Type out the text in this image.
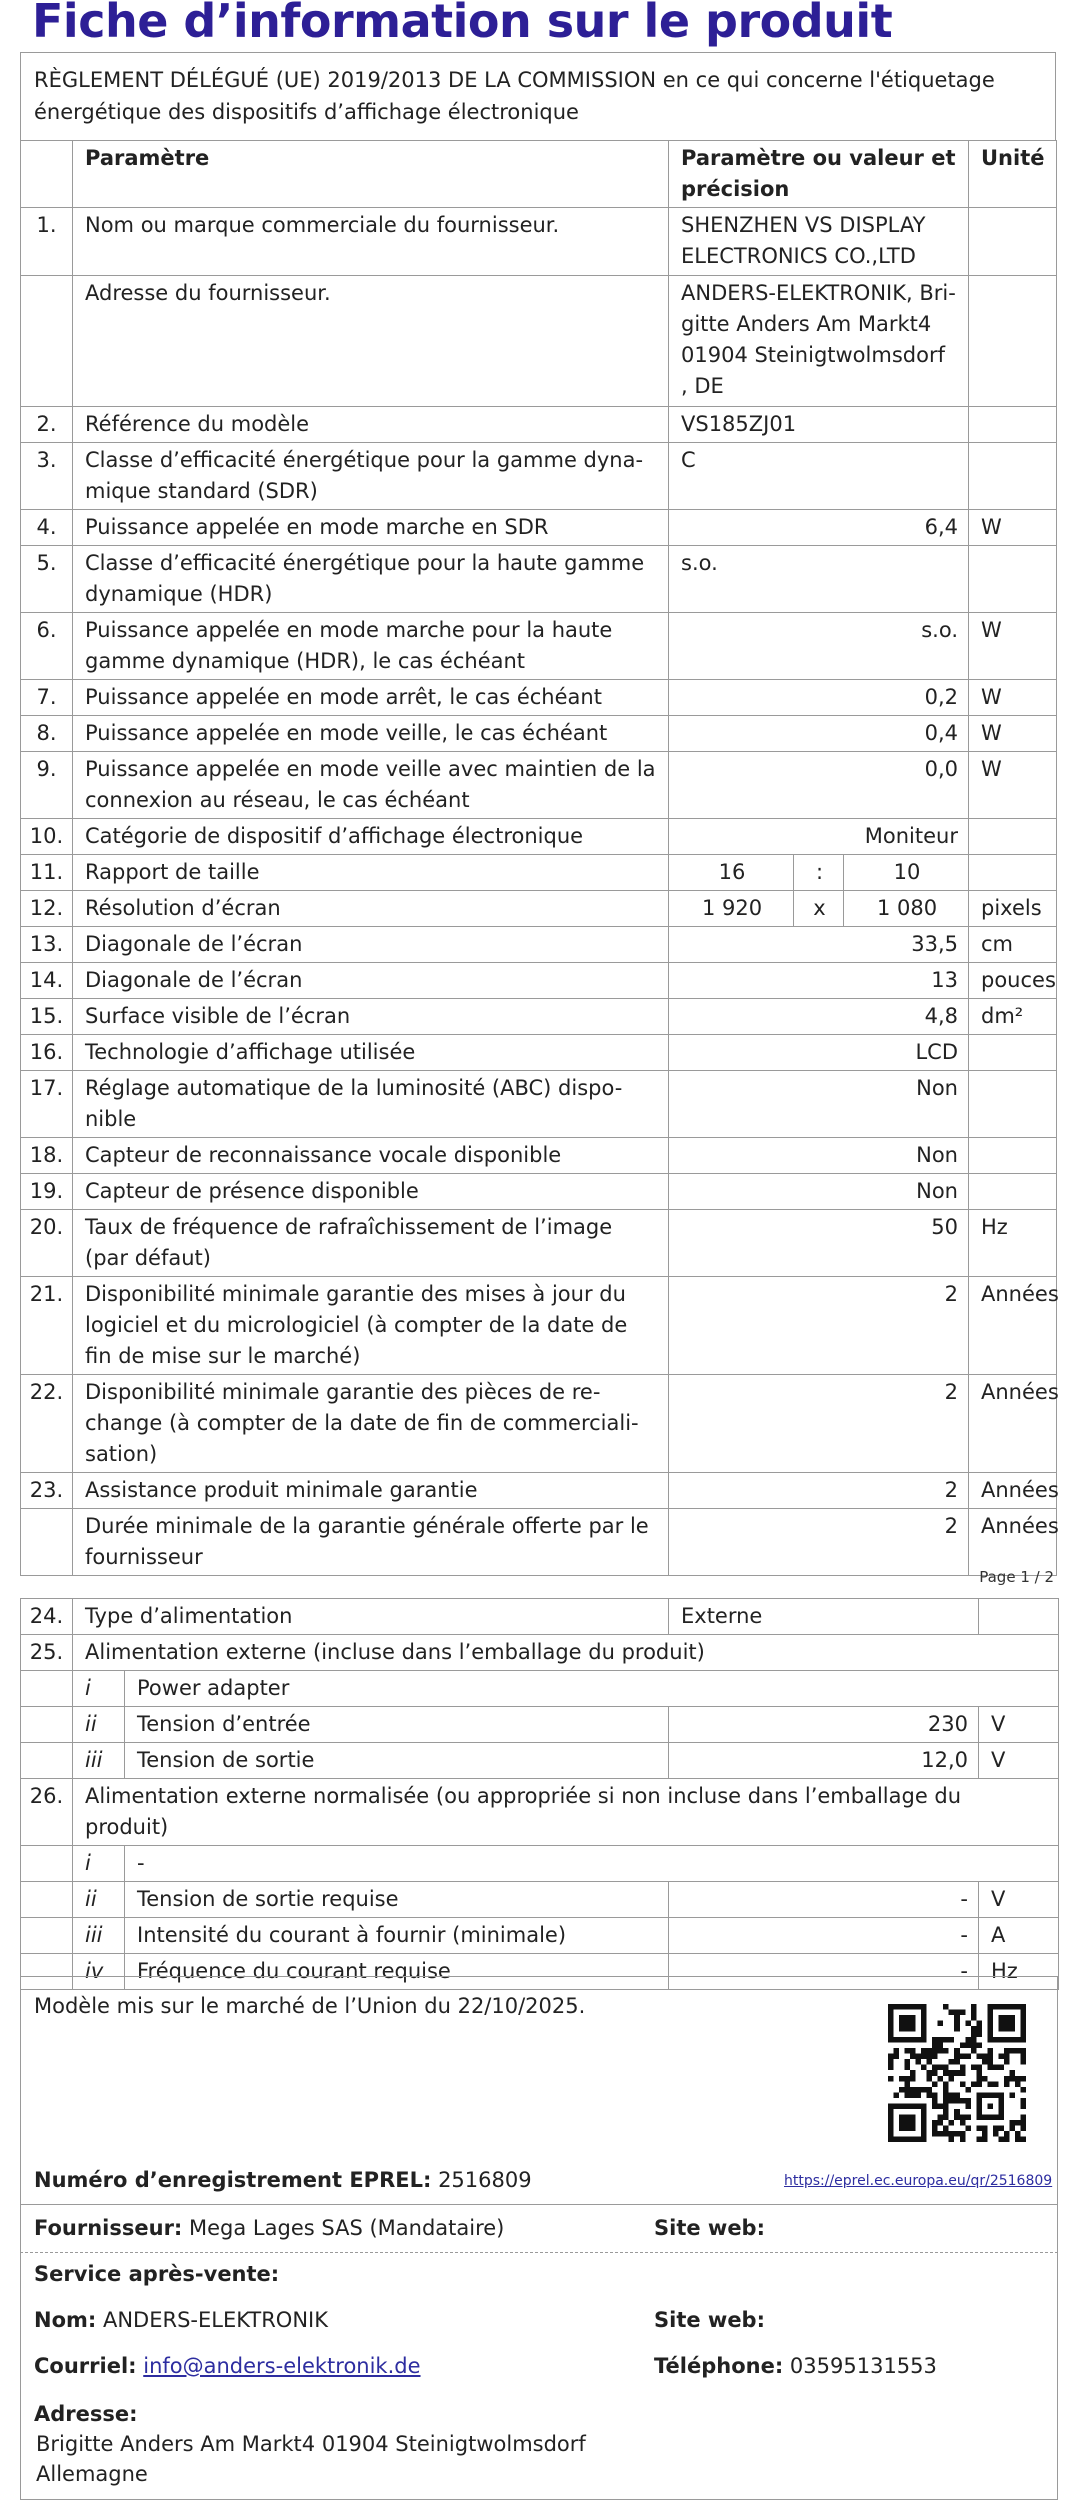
Fiche d’information sur le produit
RÈGLEMENT DÉLÉGUÉ (UE) 2019/2013 DE LA COMMISSION en ce qui concerne l'étiquetage énergétique des dispositifs d’affichage électronique
	Paramètre	Paramètre ou valeur et précision			Unité
1.	Nom ou marque commerciale du fournisseur.	SHENZHEN VS DISPLAY ELECTRONICS CO.,LTD			
	Adresse du fournisseur.	ANDERS-ELEKTRONIK, Bri-gitte Anders Am Markt4 01904 Steinigtwolmsdorf , DE			
2.	Référence du modèle	VS185ZJ01			
3.	Classe d’efficacité énergétique pour la gamme dyna-mique standard (SDR)	C			
4.	Puissance appelée en mode marche en SDR	6,4			W
5.	Classe d’efficacité énergétique pour la haute gamme dynamique (HDR)	s.o.			
6.	Puissance appelée en mode marche pour la haute gamme dynamique (HDR), le cas échéant	s.o.			W
7.	Puissance appelée en mode arrêt, le cas échéant	0,2			W
8.	Puissance appelée en mode veille, le cas échéant	0,4			W
9.	Puissance appelée en mode veille avec maintien de la connexion au réseau, le cas échéant	0,0			W
10.	Catégorie de dispositif d’affichage électronique	Moniteur			
11.	Rapport de taille	16	:	10	
12.	Résolution d’écran	1 920	x	1 080	pixels
13.	Diagonale de l’écran	33,5			cm
14.	Diagonale de l’écran	13			pouces
15.	Surface visible de l’écran	4,8			dm²
16.	Technologie d’affichage utilisée	LCD			
17.	Réglage automatique de la luminosité (ABC) dispo-nible	Non			
18.	Capteur de reconnaissance vocale disponible	Non			
19.	Capteur de présence disponible	Non			
20.	Taux de fréquence de rafraîchissement de l’image (par défaut)	50			Hz
21.	Disponibilité minimale garantie des mises à jour du logiciel et du micrologiciel (à compter de la date de fin de mise sur le marché)	2			Années
22.	Disponibilité minimale garantie des pièces de re-change (à compter de la date de fin de commerciali-sation)	2			Années
23.	Assistance produit minimale garantie	2			Années
	Durée minimale de la garantie générale offerte par le fournisseur	2			Années
Page 1 / 2
24.	Type d’alimentation		Externe	
25.	Alimentation externe (incluse dans l’emballage du produit)			
	i	Power adapter		
	ii	Tension d’entrée	230	V
	iii	Tension de sortie	12,0	V
26.	Alimentation externe normalisée (ou appropriée si non incluse dans l’emballage du produit)			
	i	-		
	ii	Tension de sortie requise	-	V
	iii	Intensité du courant à fournir (minimale)	-	A
	iv	Fréquence du courant requise	-	Hz
Modèle mis sur le marché de l’Union du 22/10/2025.
Numéro d’enregistrement EPREL: 2516809	https://eprel.ec.europa.eu/qr/2516809
Fournisseur: Mega Lages SAS (Mandataire)	Site web:
Service après-vente:
Nom: ANDERS-ELEKTRONIK	Site web:
Courriel: info@anders-elektronik.de	Téléphone: 03595131553
Adresse:
Brigitte Anders Am Markt4 01904 Steinigtwolmsdorf
Allemagne
